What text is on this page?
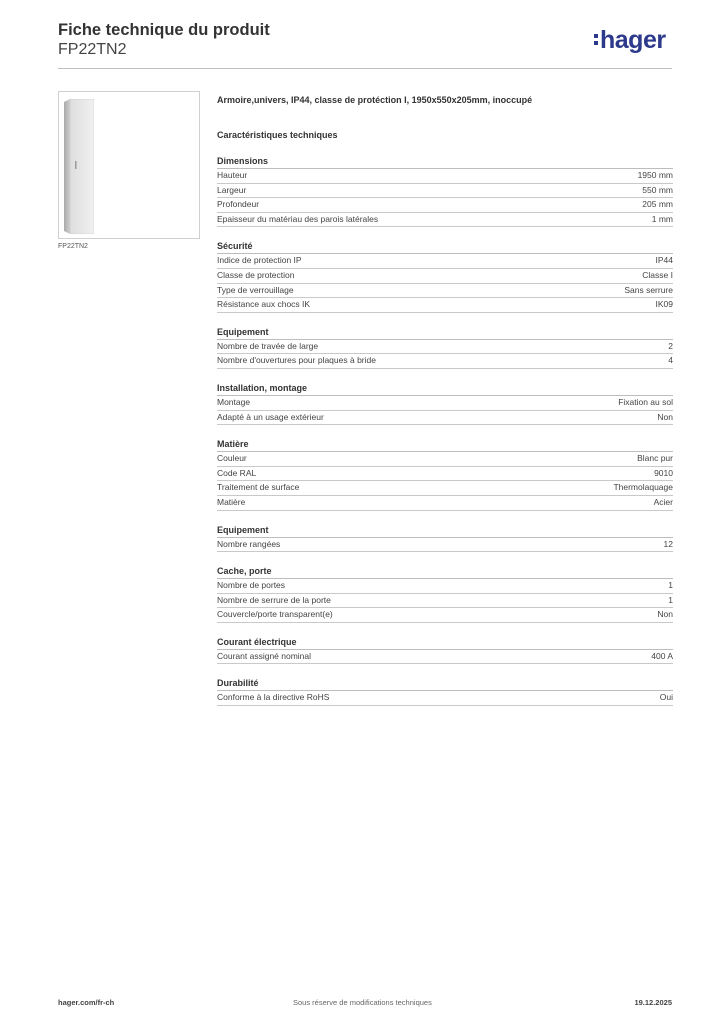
Fiche technique du produit
FP22TN2	hager
FP22TN2
Armoire,univers, IP44, classe de protéction I, 1950x550x205mm, inoccupé
Caractéristiques techniques
Dimensions
Hauteur	1950 mm
Largeur	550 mm
Profondeur	205 mm
Epaisseur du matériau des parois latérales	1 mm
Sécurité
Indice de protection IP	IP44
Classe de protection	Classe I
Type de verrouillage	Sans serrure
Résistance aux chocs IK	IK09
Equipement
Nombre de travée de large	2
Nombre d'ouvertures pour plaques à bride	4
Installation, montage
Montage	Fixation au sol
Adapté à un usage extérieur	Non
Matière
Couleur	Blanc pur
Code RAL	9010
Traitement de surface	Thermolaquage
Matière	Acier
Equipement
Nombre rangées	12
Cache, porte
Nombre de portes	1
Nombre de serrure de la porte	1
Couvercle/porte transparent(e)	Non
Courant électrique
Courant assigné nominal	400 A
Durabilité
Conforme à la directive RoHS	Oui
hager.com/fr-ch	Sous réserve de modifications techniques	19.12.2025
